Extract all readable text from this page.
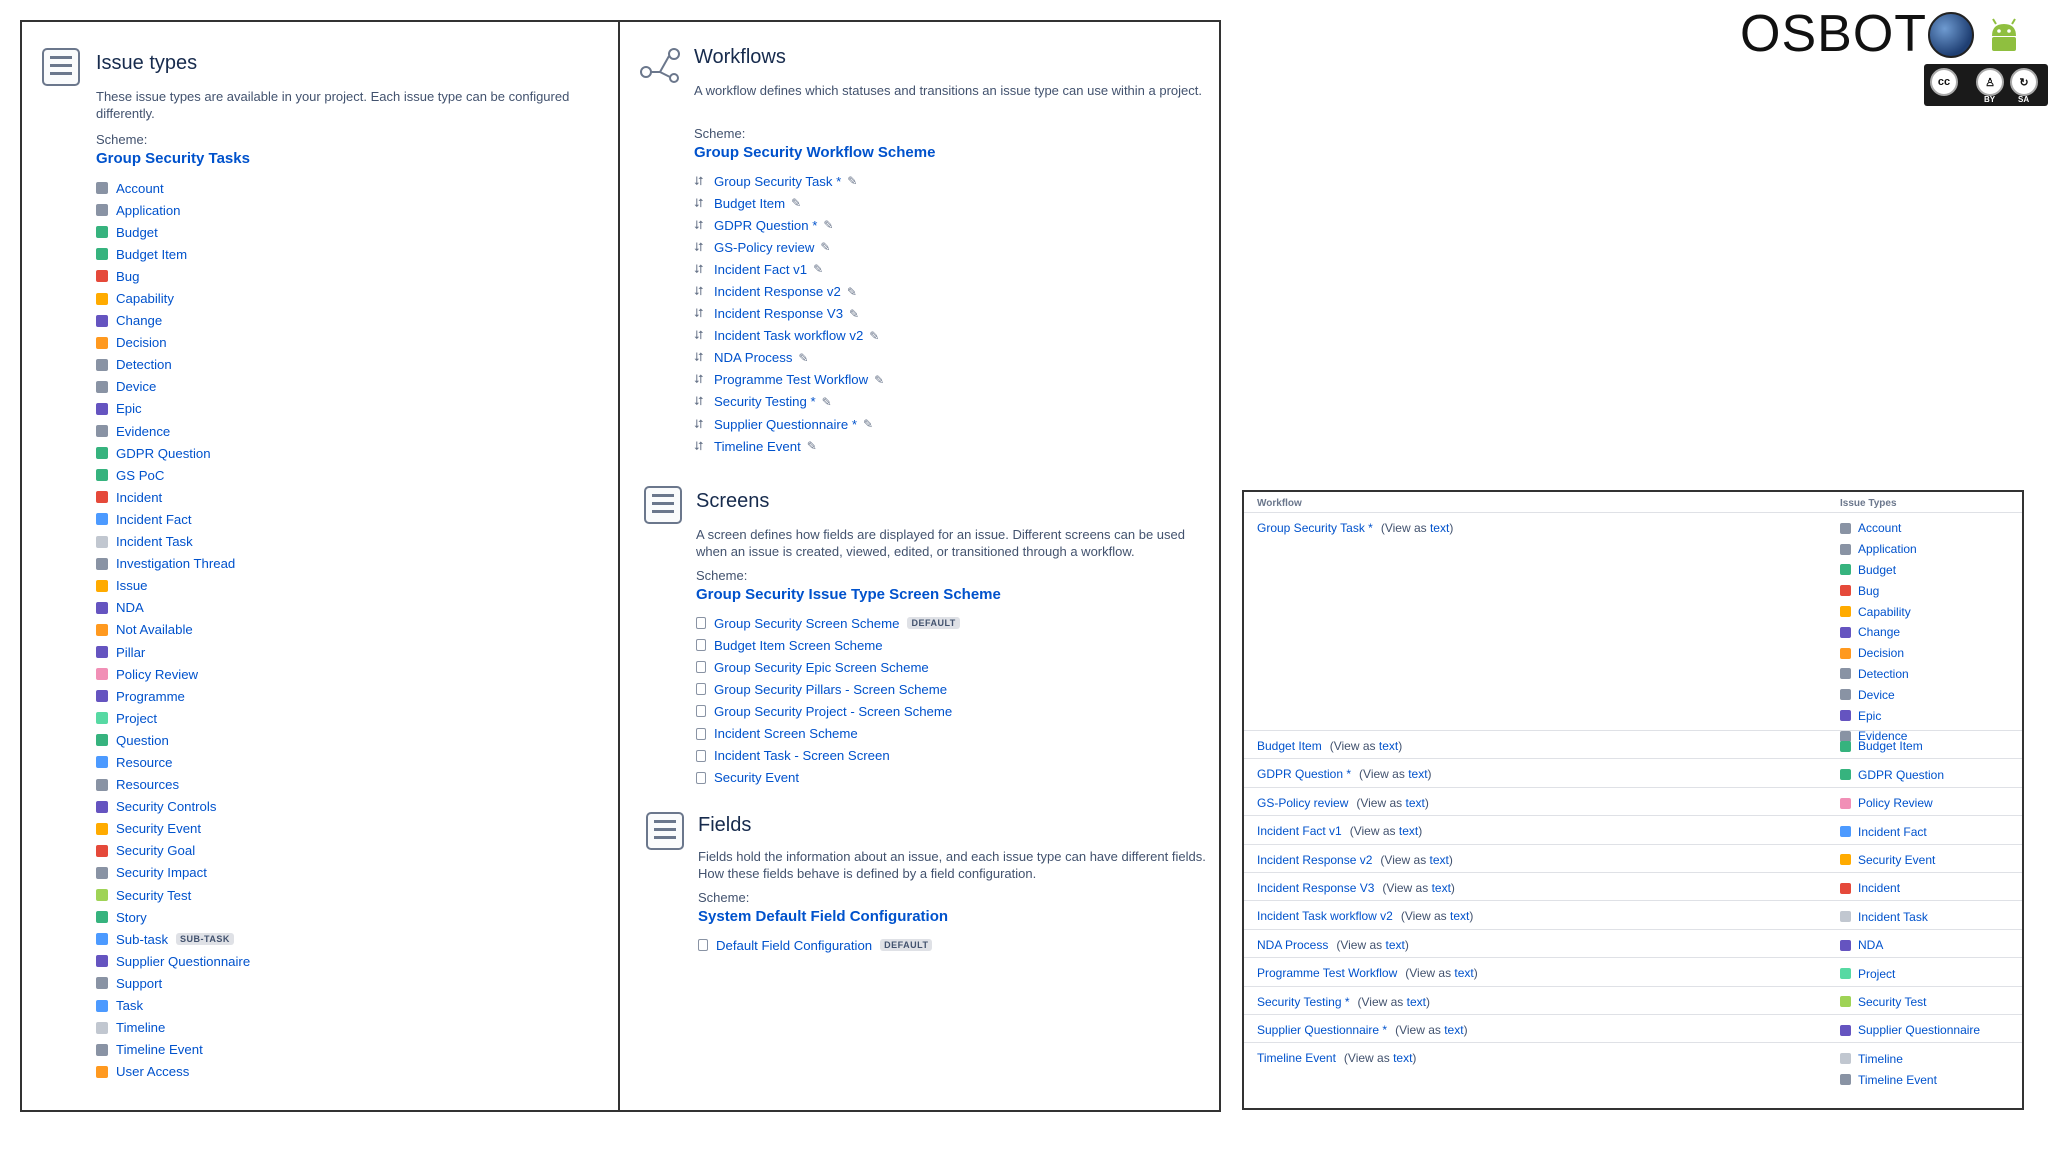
Issue types
These issue types are available in your project. Each issue type can be configured differently.
Scheme:
Group Security Tasks
Account
Application
Budget
Budget Item
Bug
Capability
Change
Decision
Detection
Device
Epic
Evidence
GDPR Question
GS PoC
Incident
Incident Fact
Incident Task
Investigation Thread
Issue
NDA
Not Available
Pillar
Policy Review
Programme
Project
Question
Resource
Resources
Security Controls
Security Event
Security Goal
Security Impact
Security Test
Story
Sub-task	SUB-TASK
Supplier Questionnaire
Support
Task
Timeline
Timeline Event
User Access
Workflows
A workflow defines which statuses and transitions an issue type can use within a project.
Scheme:
Group Security Workflow Scheme
⮃ Group Security Task * ✎
⮃ Budget Item ✎
⮃ GDPR Question * ✎
⮃ GS-Policy review ✎
⮃ Incident Fact v1 ✎
⮃ Incident Response v2 ✎
⮃ Incident Response V3 ✎
⮃ Incident Task workflow v2 ✎
⮃ NDA Process ✎
⮃ Programme Test Workflow ✎
⮃ Security Testing * ✎
⮃ Supplier Questionnaire * ✎
⮃ Timeline Event ✎
Screens
A screen defines how fields are displayed for an issue. Different screens can be used when an issue is created, viewed, edited, or transitioned through a workflow.
Scheme:
Group Security Issue Type Screen Scheme
Group Security Screen Scheme	DEFAULT
Budget Item Screen Scheme
Group Security Epic Screen Scheme
Group Security Pillars - Screen Scheme
Group Security Project - Screen Scheme
Incident Screen Scheme
Incident Task - Screen Screen
Security Event
Fields
Fields hold the information about an issue, and each issue type can have different fields. How these fields behave is defined by a field configuration.
Scheme:
System Default Field Configuration
Default Field Configuration	DEFAULT
Workflow	Issue Types
Group Security Task * (View as text)	Account
Application
Budget
Bug
Capability
Change
Decision
Detection
Device
Epic
Evidence
Budget Item (View as text)	Budget Item
GDPR Question * (View as text)	GDPR Question
GS-Policy review (View as text)	Policy Review
Incident Fact v1 (View as text)	Incident Fact
Incident Response v2 (View as text)	Security Event
Incident Response V3 (View as text)	Incident
Incident Task workflow v2 (View as text)	Incident Task
NDA Process (View as text)	NDA
Programme Test Workflow (View as text)	Project
Security Testing * (View as text)	Security Test
Supplier Questionnaire * (View as text)	Supplier Questionnaire
Timeline Event (View as text)	Timeline
Timeline Event
OSBOT
cc	♙	↻
BY	SA
